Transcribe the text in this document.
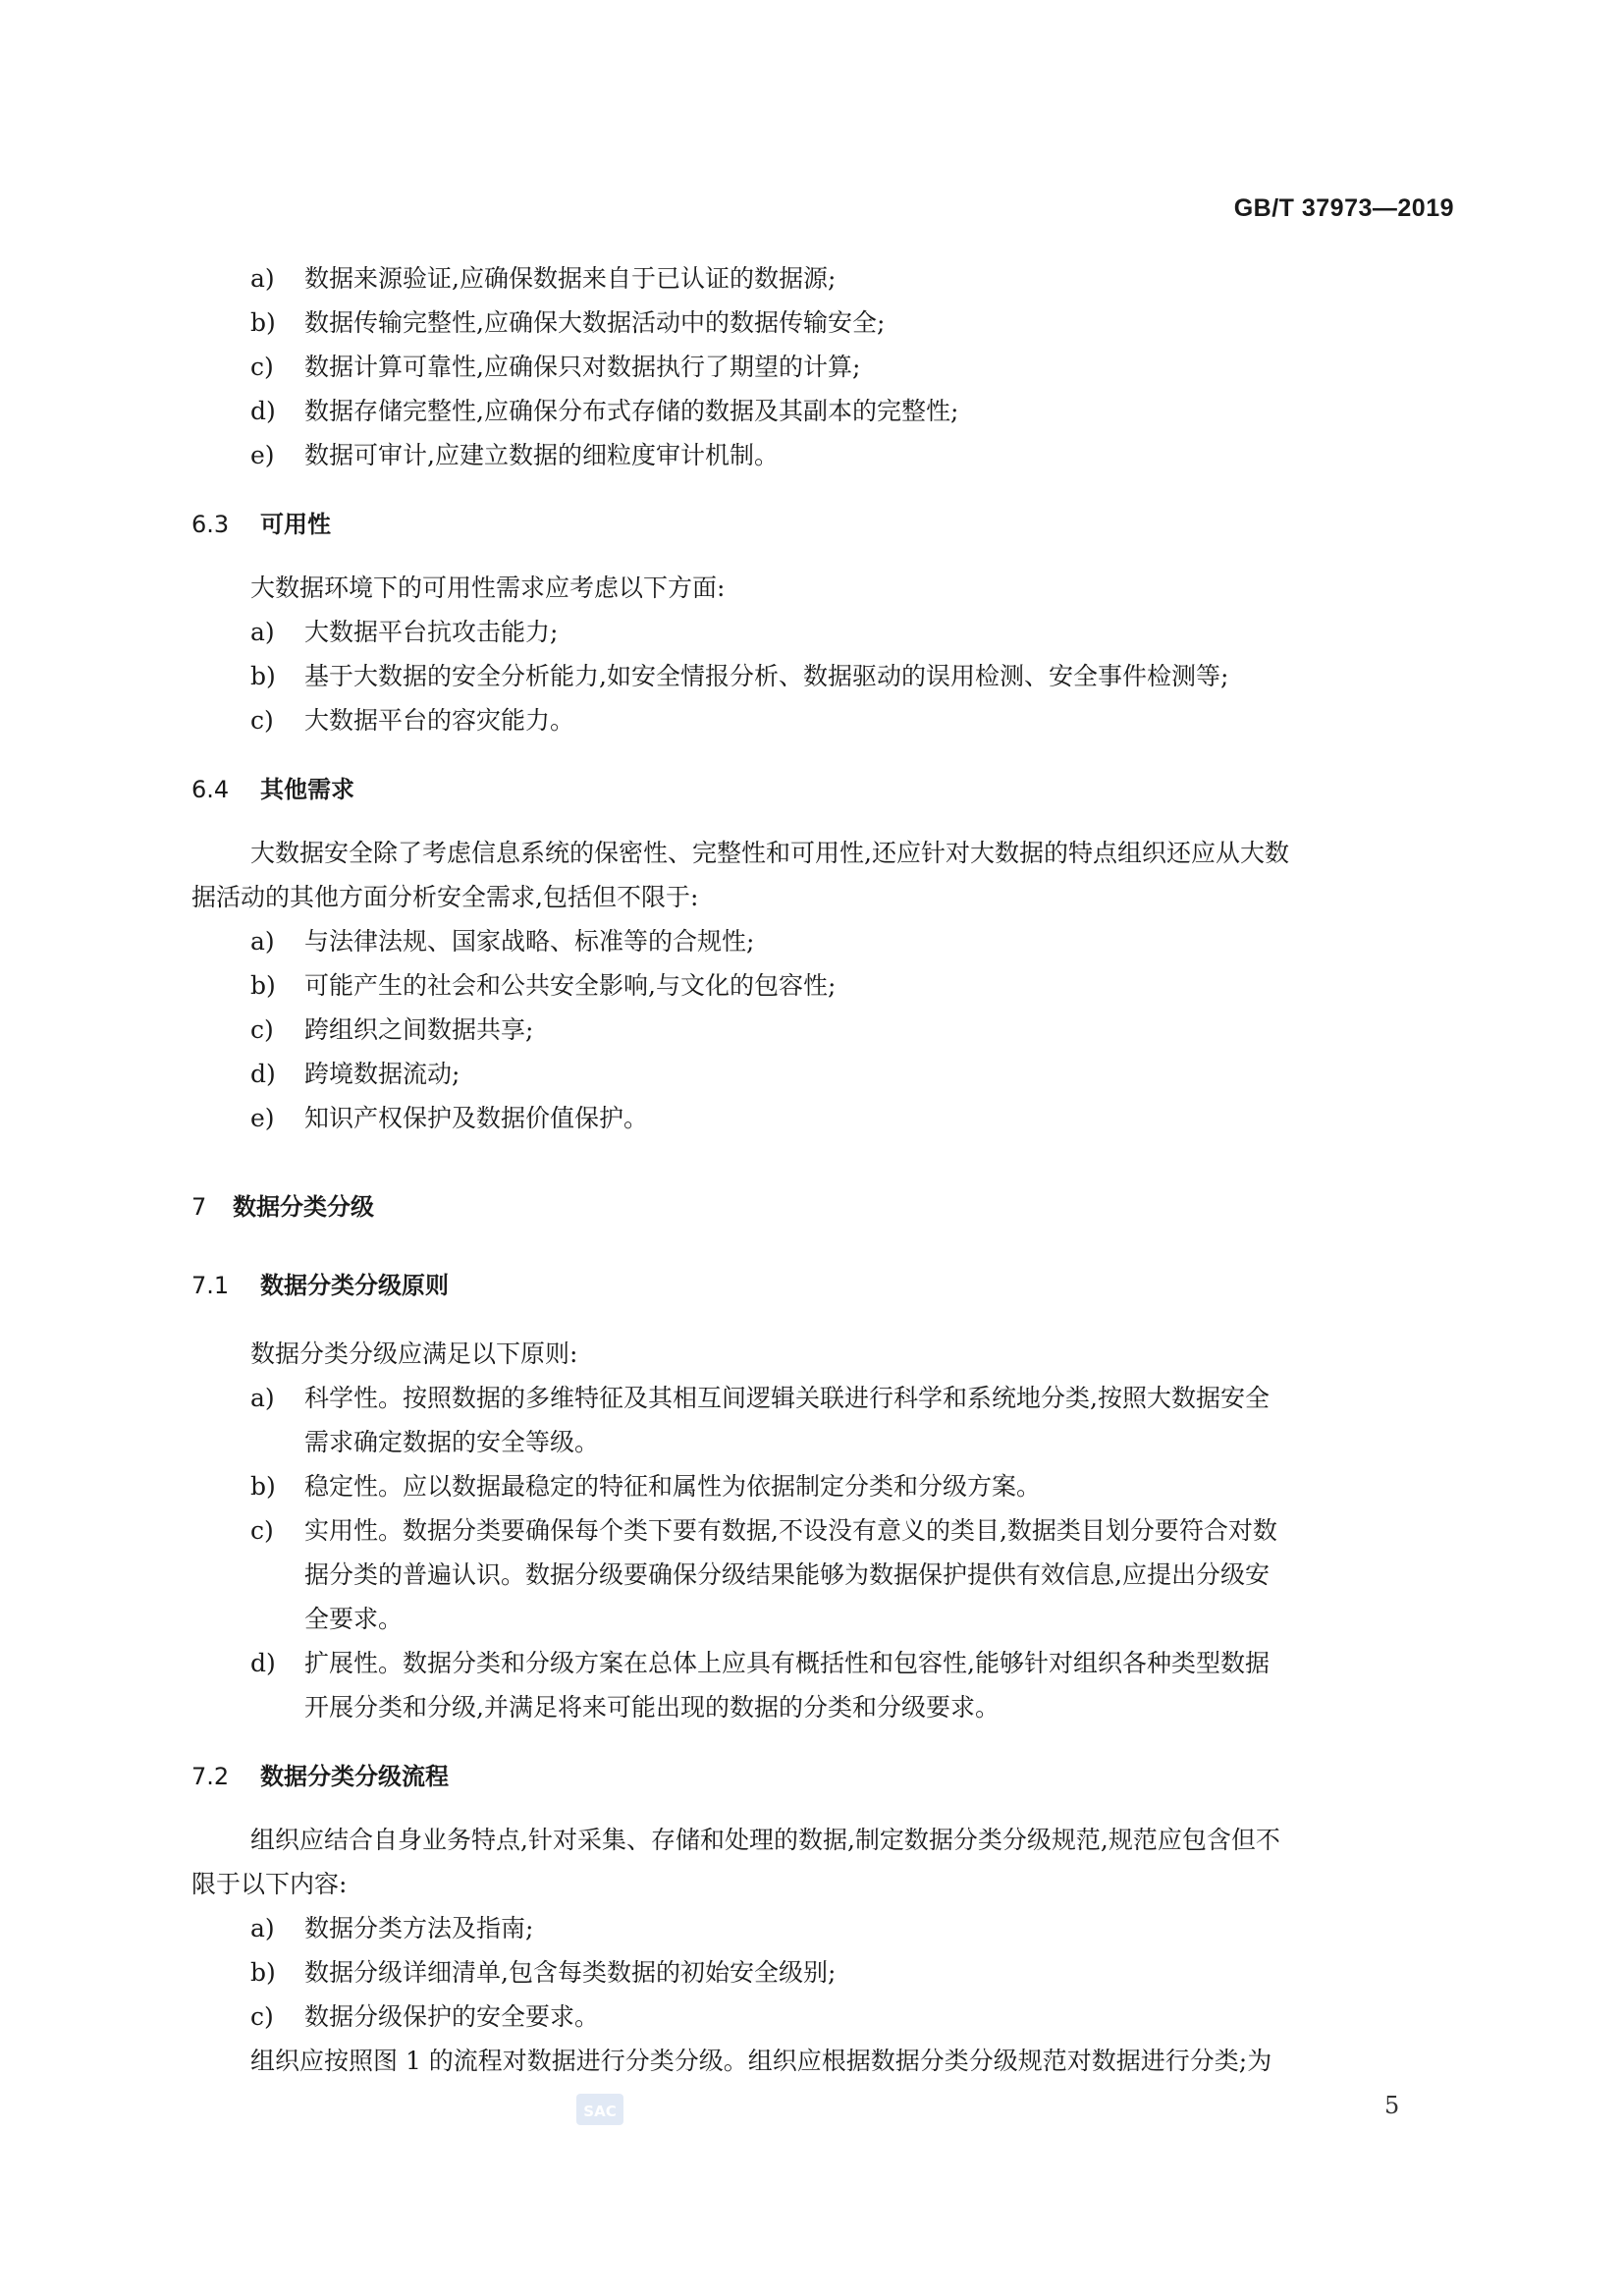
GB/T 37973—2019
a) 数据来源验证,应确保数据来自于已认证的数据源;
b) 数据传输完整性,应确保大数据活动中的数据传输安全;
c) 数据计算可靠性,应确保只对数据执行了期望的计算;
d) 数据存储完整性,应确保分布式存储的数据及其副本的完整性;
e) 数据可审计,应建立数据的细粒度审计机制。
6.3 可用性
大数据环境下的可用性需求应考虑以下方面:
a) 大数据平台抗攻击能力;
b) 基于大数据的安全分析能力,如安全情报分析、数据驱动的误用检测、安全事件检测等;
c) 大数据平台的容灾能力。
6.4 其他需求
大数据安全除了考虑信息系统的保密性、完整性和可用性,还应针对大数据的特点组织还应从大数
据活动的其他方面分析安全需求,包括但不限于:
a) 与法律法规、国家战略、标准等的合规性;
b) 可能产生的社会和公共安全影响,与文化的包容性;
c) 跨组织之间数据共享;
d) 跨境数据流动;
e) 知识产权保护及数据价值保护。
7 数据分类分级
7.1 数据分类分级原则
数据分类分级应满足以下原则:
a) 科学性。按照数据的多维特征及其相互间逻辑关联进行科学和系统地分类,按照大数据安全
需求确定数据的安全等级。
b) 稳定性。应以数据最稳定的特征和属性为依据制定分类和分级方案。
c) 实用性。数据分类要确保每个类下要有数据,不设没有意义的类目,数据类目划分要符合对数
据分类的普遍认识。数据分级要确保分级结果能够为数据保护提供有效信息,应提出分级安
全要求。
d) 扩展性。数据分类和分级方案在总体上应具有概括性和包容性,能够针对组织各种类型数据
开展分类和分级,并满足将来可能出现的数据的分类和分级要求。
7.2 数据分类分级流程
组织应结合自身业务特点,针对采集、存储和处理的数据,制定数据分类分级规范,规范应包含但不
限于以下内容:
a) 数据分类方法及指南;
b) 数据分级详细清单,包含每类数据的初始安全级别;
c) 数据分级保护的安全要求。
组织应按照图 1 的流程对数据进行分类分级。组织应根据数据分类分级规范对数据进行分类;为
SAC	5
